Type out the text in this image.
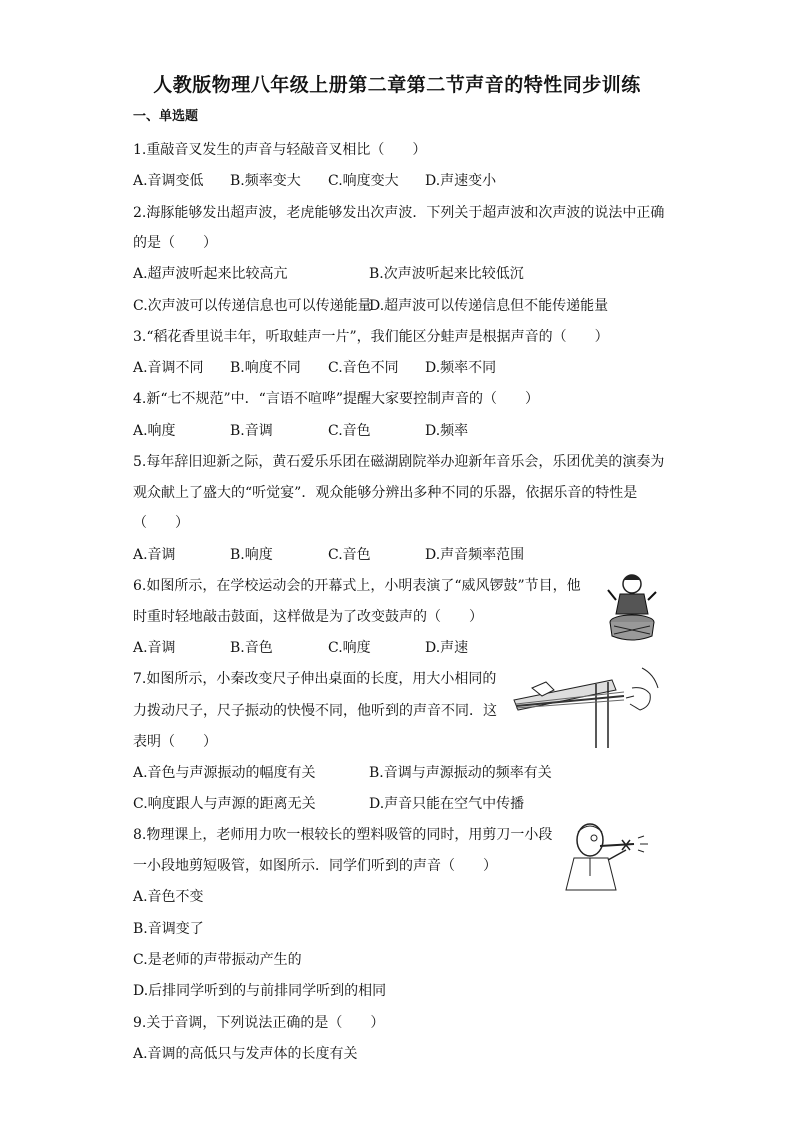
人教版物理八年级上册第二章第二节声音的特性同步训练
一、单选题
1.重敲音叉发生的声音与轻敲音叉相比（　　）
A.音调变低 B.频率变大 C.响度变大 D.声速变小
2.海豚能够发出超声波，老虎能够发出次声波．下列关于超声波和次声波的说法中正确
的是（　　）
A.超声波听起来比较高亢	B.次声波听起来比较低沉
C.次声波可以传递信息也可以传递能量
D.超声波可以传递信息但不能传递能量
3.“稻花香里说丰年，听取蛙声一片”，我们能区分蛙声是根据声音的（　　）
A.音调不同 B.响度不同 C.音色不同 D.频率不同
4.新“七不规范”中．“言语不喧哗”提醒大家要控制声音的（　　）
A.响度	B.音调	C.音色	D.频率
5.每年辞旧迎新之际，黄石爱乐乐团在磁湖剧院举办迎新年音乐会，乐团优美的演奏为
观众献上了盛大的“听觉宴”．观众能够分辨出多种不同的乐器，依据乐音的特性是
（　　）
A.音调	B.响度	C.音色	D.声音频率范围
6.如图所示，在学校运动会的开幕式上，小明表演了“威风锣鼓”节目，他
时重时轻地敲击鼓面，这样做是为了改变鼓声的（　　）
A.音调	B.音色	C.响度	D.声速
7.如图所示，小秦改变尺子伸出桌面的长度，用大小相同的
力拨动尺子，尺子振动的快慢不同，他听到的声音不同．这
表明（　　）
A.音色与声源振动的幅度有关	B.音调与声源振动的频率有关
C.响度跟人与声源的距离无关	D.声音只能在空气中传播
8.物理课上，老师用力吹一根较长的塑料吸管的同时，用剪刀一小段
一小段地剪短吸管，如图所示．同学们听到的声音（　　）
A.音色不变
B.音调变了
C.是老师的声带振动产生的
D.后排同学听到的与前排同学听到的相同
9.关于音调，下列说法正确的是（　　）
A.音调的高低只与发声体的长度有关
